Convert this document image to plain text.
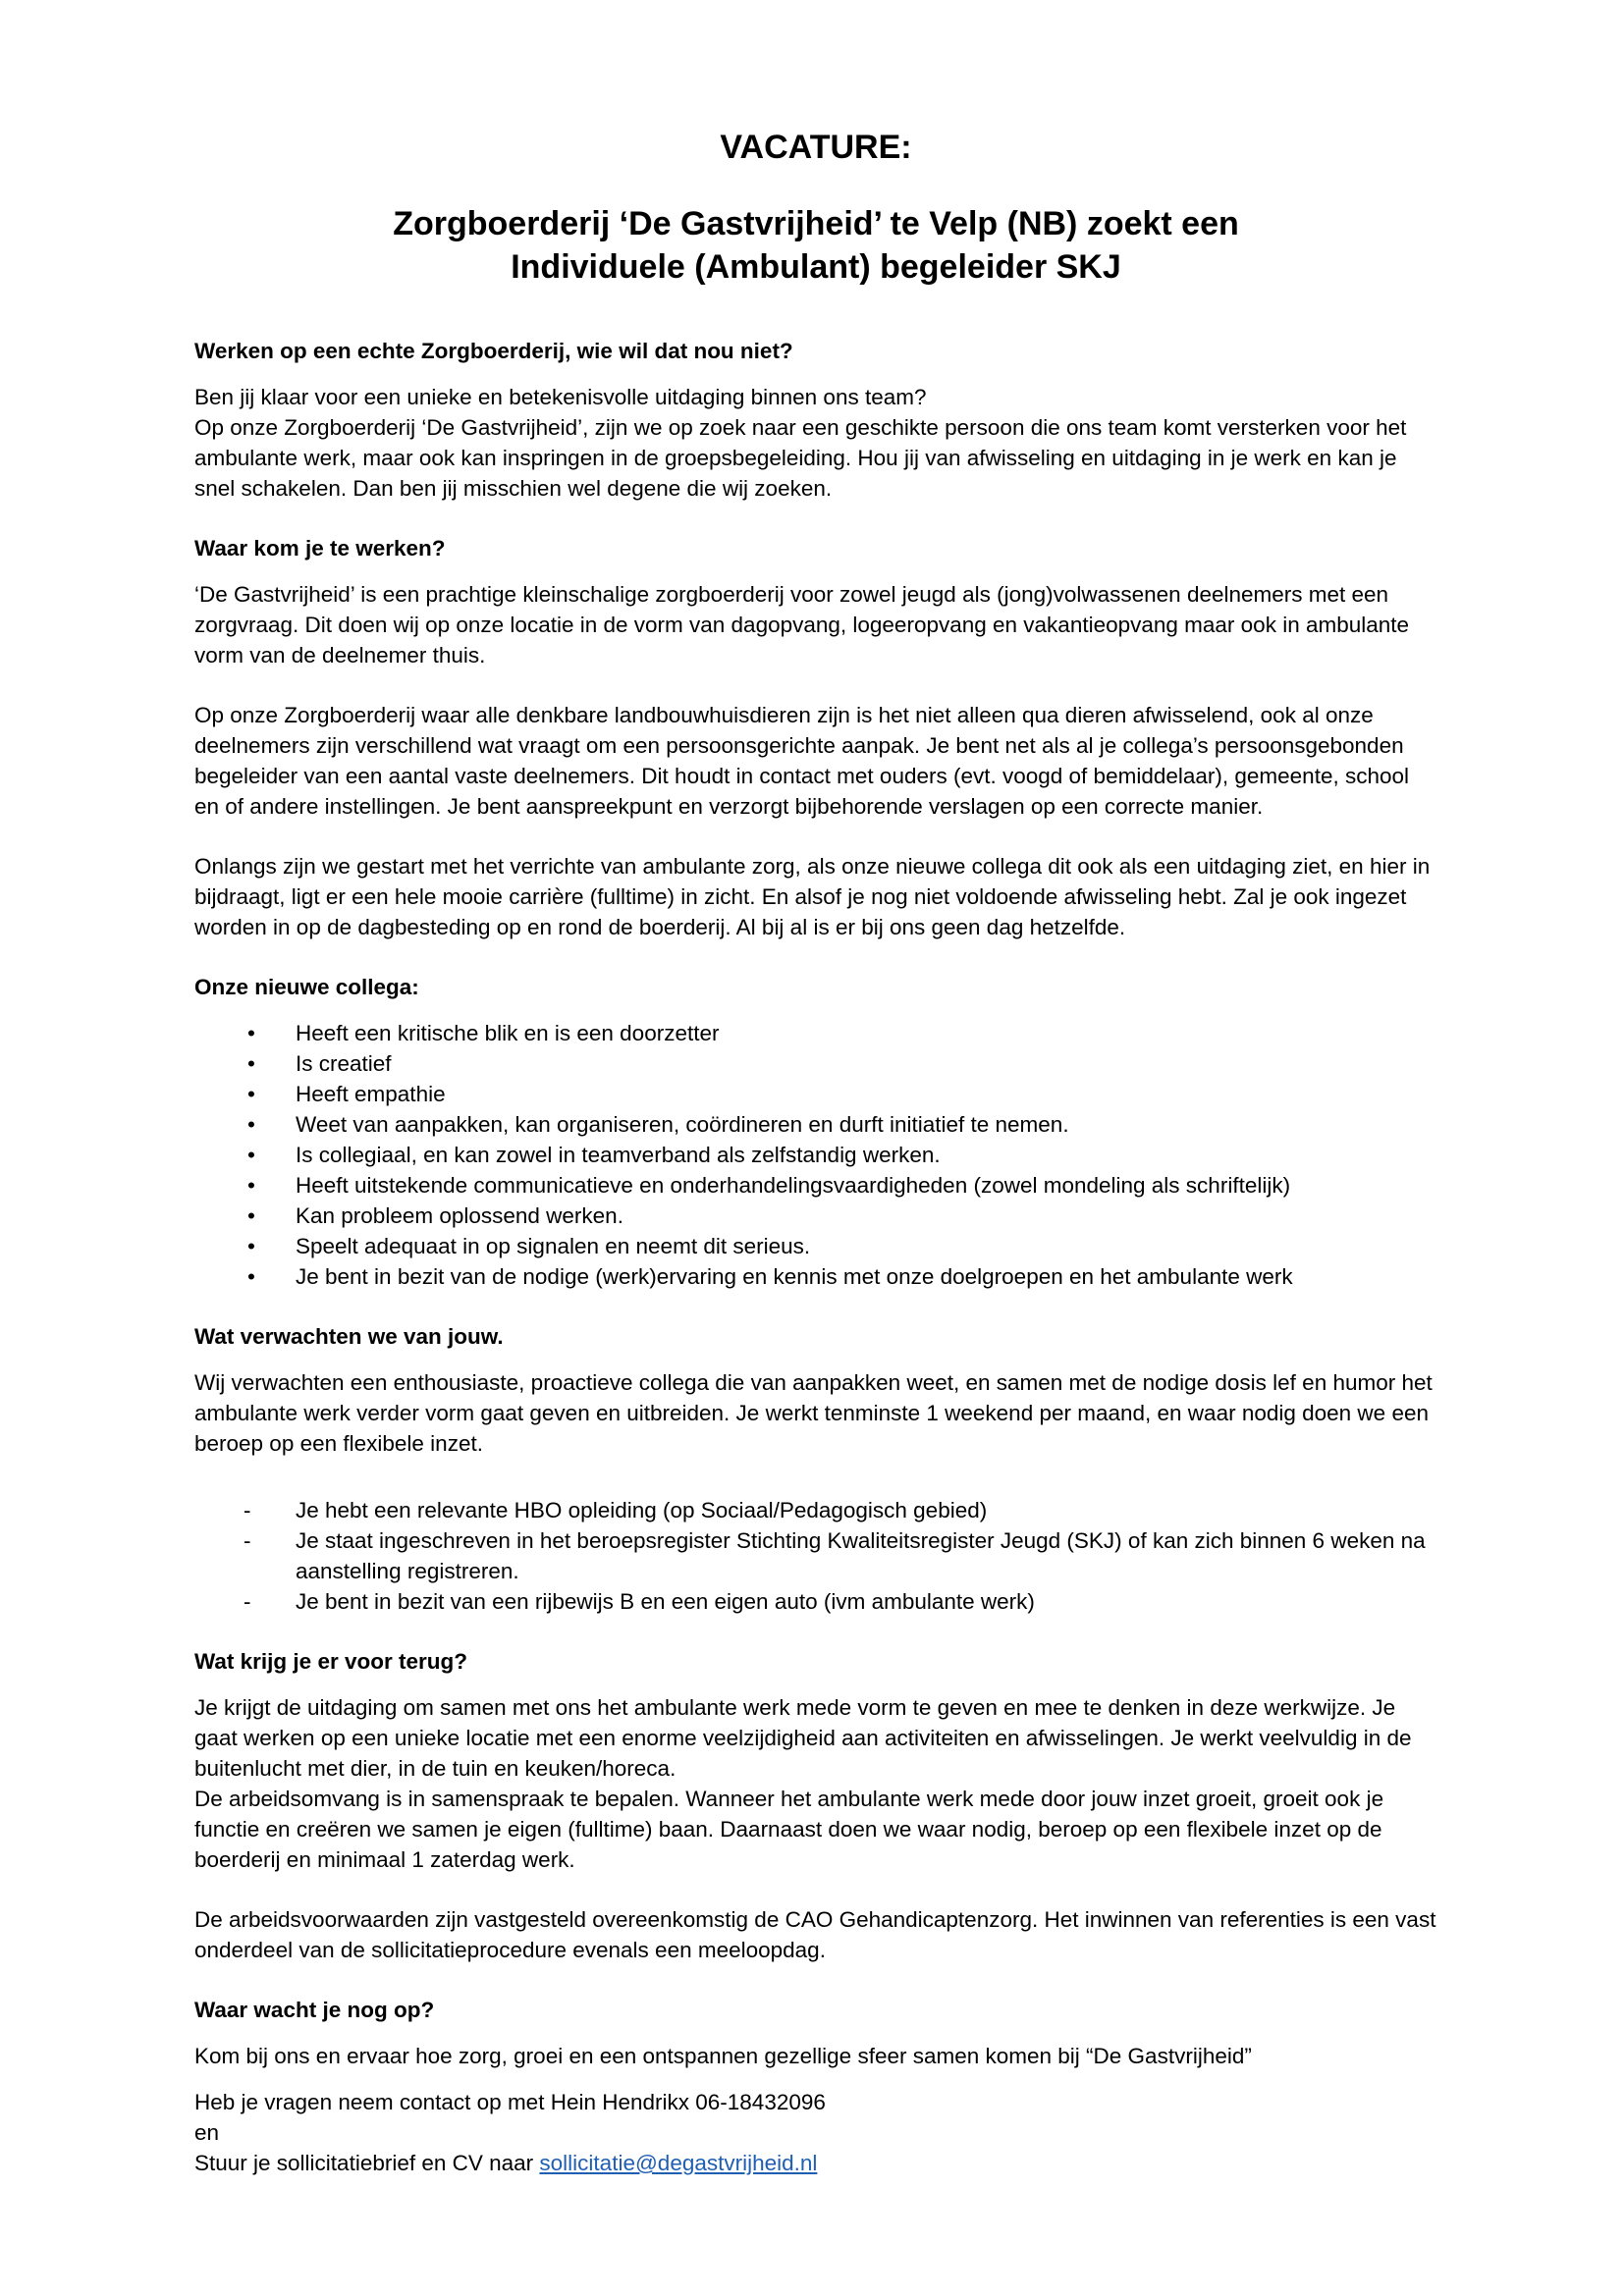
VACATURE:
Zorgboerderij ‘De Gastvrijheid’ te Velp (NB) zoekt een
Individuele (Ambulant) begeleider SKJ
Werken op een echte Zorgboerderij, wie wil dat nou niet?

Ben jij klaar voor een unieke en betekenisvolle uitdaging binnen ons team?

Op onze Zorgboerderij ‘De Gastvrijheid’, zijn we op zoek naar een geschikte persoon die ons team komt versterken voor het ambulante werk, maar ook kan inspringen in de groepsbegeleiding. Hou jij van afwisseling en uitdaging in je werk en kan je snel schakelen. Dan ben jij misschien wel degene die wij zoeken.

Waar kom je te werken?

‘De Gastvrijheid’ is een prachtige kleinschalige zorgboerderij voor zowel jeugd als (jong)volwassenen deelnemers met een zorgvraag. Dit doen wij op onze locatie in de vorm van dagopvang, logeeropvang en vakantieopvang maar ook in ambulante vorm van de deelnemer thuis.

Op onze Zorgboerderij waar alle denkbare landbouwhuisdieren zijn is het niet alleen qua dieren afwisselend, ook al onze deelnemers zijn verschillend wat vraagt om een persoonsgerichte aanpak. Je bent net als al je collega’s persoonsgebonden begeleider van een aantal vaste deelnemers. Dit houdt in contact met ouders (evt. voogd of bemiddelaar), gemeente, school en of andere instellingen. Je bent aanspreekpunt en verzorgt bijbehorende verslagen op een correcte manier.

Onlangs zijn we gestart met het verrichte van ambulante zorg, als onze nieuwe collega dit ook als een uitdaging ziet, en hier in bijdraagt, ligt er een hele mooie carrière (fulltime) in zicht. En alsof je nog niet voldoende afwisseling hebt. Zal je ook ingezet worden in op de dagbesteding op en rond de boerderij. Al bij al is er bij ons geen dag hetzelfde.

Onze nieuwe collega:
• Heeft een kritische blik en is een doorzetter
• Is creatief
• Heeft empathie
• Weet van aanpakken, kan organiseren, coördineren en durft initiatief te nemen.
• Is collegiaal, en kan zowel in teamverband als zelfstandig werken.
• Heeft uitstekende communicatieve en onderhandelingsvaardigheden (zowel mondeling als schriftelijk)
• Kan probleem oplossend werken.
• Speelt adequaat in op signalen en neemt dit serieus.
• Je bent in bezit van de nodige (werk)ervaring en kennis met onze doelgroepen en het ambulante werk
Wat verwachten we van jouw.

Wij verwachten een enthousiaste, proactieve collega die van aanpakken weet, en samen met de nodige dosis lef en humor het ambulante werk verder vorm gaat geven en uitbreiden. Je werkt tenminste 1 weekend per maand, en waar nodig doen we een beroep op een flexibele inzet.

- Je hebt een relevante HBO opleiding (op Sociaal/Pedagogisch gebied)
- Je staat ingeschreven in het beroepsregister Stichting Kwaliteitsregister Jeugd (SKJ) of kan zich binnen 6 weken na aanstelling registreren.
- Je bent in bezit van een rijbewijs B en een eigen auto (ivm ambulante werk)
Wat krijg je er voor terug?

Je krijgt de uitdaging om samen met ons het ambulante werk mede vorm te geven en mee te denken in deze werkwijze. Je gaat werken op een unieke locatie met een enorme veelzijdigheid aan activiteiten en afwisselingen. Je werkt veelvuldig in de buitenlucht met dier, in de tuin en keuken/horeca.

De arbeidsomvang is in samenspraak te bepalen. Wanneer het ambulante werk mede door jouw inzet groeit, groeit ook je functie en creëren we samen je eigen (fulltime) baan. Daarnaast doen we waar nodig, beroep op een flexibele inzet op de boerderij en minimaal 1 zaterdag werk.

De arbeidsvoorwaarden zijn vastgesteld overeenkomstig de CAO Gehandicaptenzorg. Het inwinnen van referenties is een vast onderdeel van de sollicitatieprocedure evenals een meeloopdag.

Waar wacht je nog op?

Kom bij ons en ervaar hoe zorg, groei en een ontspannen gezellige sfeer samen komen bij “De Gastvrijheid”

Heb je vragen neem contact op met Hein Hendrikx 06-18432096

en

Stuur je sollicitatiebrief en CV naar sollicitatie@degastvrijheid.nl
